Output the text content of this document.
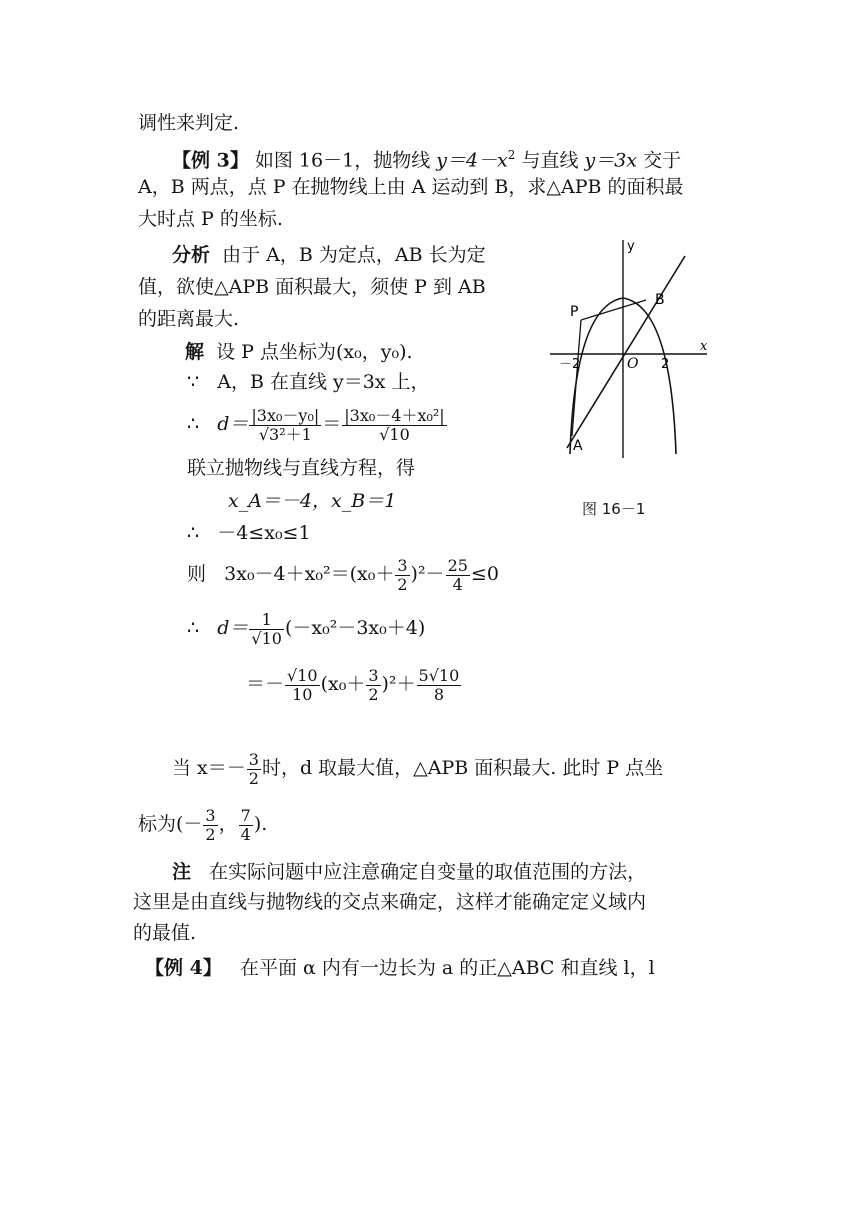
调性来判定.
【例 3】 如图 16－1，抛物线 $y=4-x^2$ 与直线 y＝3x 交于
A，B 两点，点 P 在抛物线上由 A 运动到 B，求△APB 的面积最
大时点 P 的坐标.
分析 由于 A，B 为定点，AB 长为定
值，欲使△APB 面积最大，须使 P 到 AB
的距离最大.
解 设 P 点坐标为(x₀，y₀).
∵ A，B 在直线 y＝3x 上，
∴ $d= \frac{\text{|3x₀－y₀|}}{\text{√3²＋1}} = \frac{\text{|3x₀－4＋x₀²|}}{√10}$
联立抛物线与直线方程，得
x_A＝－4，x_B＝1
∴ －4≤x₀≤1
则 $3x_0-4+x_0^2=(x_0+ \frac{3}{2} )^2- \frac{25}{4} \le 0$
∴ $d= \frac{1}{√10} (-x_0^2-3x_0+4)$
＝－ $\frac{√10}{10} (x_0+ \frac{3}{2} )^2+ \frac{5√10}{8}$
当 $x=- \frac{3}{2}$ 时，d 取最大值，△APB 面积最大. 此时 P 点坐
标为(－ $\frac{3}{2}$ ， $\frac{7}{4}$ ).
注 在实际问题中应注意确定自变量的取值范围的方法，
这里是由直线与抛物线的交点来确定，这样才能确定定义域内
的最值.
【例 4】 在平面 α 内有一边长为 a 的正△ABC 和直线 l，l
y
x
O
－2	2
P
B
A
图 16－1
